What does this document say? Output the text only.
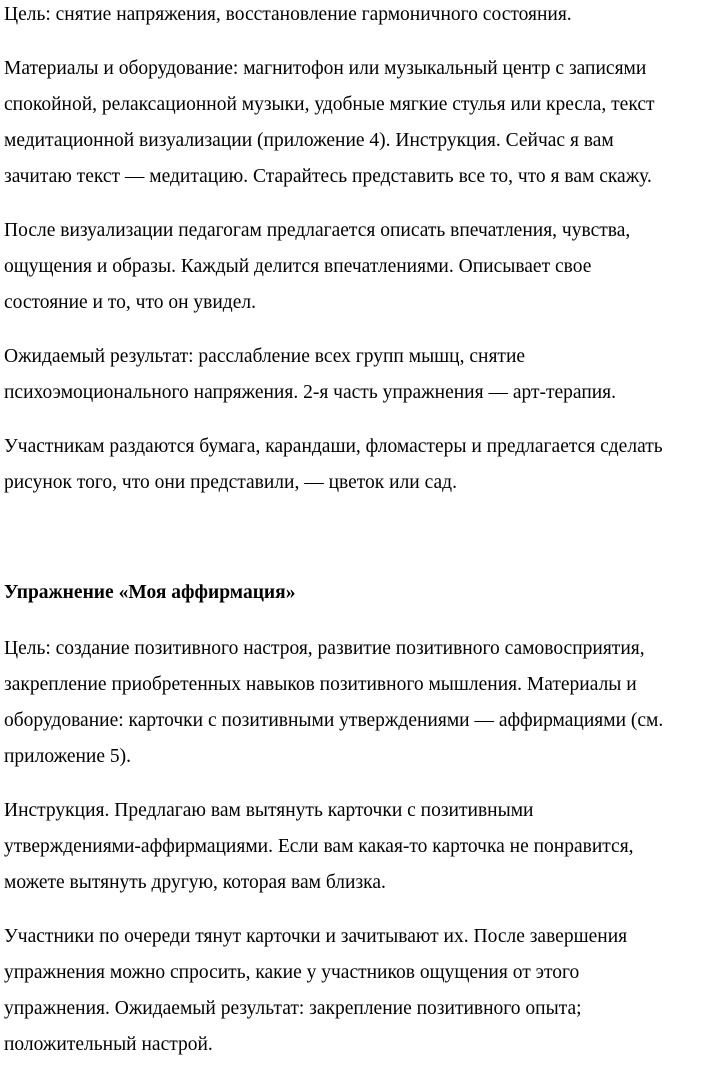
Цель: снятие напряжения, восстановление гармоничного состояния.
Материалы и оборудование: магнитофон или музыкальный центр с записями
спокойной, релаксационной музыки, удобные мягкие стулья или кресла, текст
медитационной визуализации (приложение 4). Инструкция. Сейчас я вам
зачитаю текст — медитацию. Старайтесь представить все то, что я вам скажу.
После визуализации педагогам предлагается описать впечатления, чувства,
ощущения и образы. Каждый делится впечатлениями. Описывает свое
состояние и то, что он увидел.
Ожидаемый результат: расслабление всех групп мышц, снятие
психоэмоционального напряжения. 2-я часть упражнения — арт-терапия.
Участникам раздаются бумага, карандаши, фломастеры и предлагается сделать
рисунок того, что они представили, — цветок или сад.
Упражнение «Моя аффирмация»
Цель: создание позитивного настроя, развитие позитивного самовосприятия,
закрепление приобретенных навыков позитивного мышления. Материалы и
оборудование: карточки с позитивными утверждениями — аффирмациями (см.
приложение 5).
Инструкция. Предлагаю вам вытянуть карточки с позитивными
утверждениями-аффирмациями. Если вам какая-то карточка не понравится,
можете вытянуть другую, которая вам близка.
Участники по очереди тянут карточки и зачитывают их. После завершения
упражнения можно спросить, какие у участников ощущения от этого
упражнения. Ожидаемый результат: закрепление позитивного опыта;
положительный настрой.
